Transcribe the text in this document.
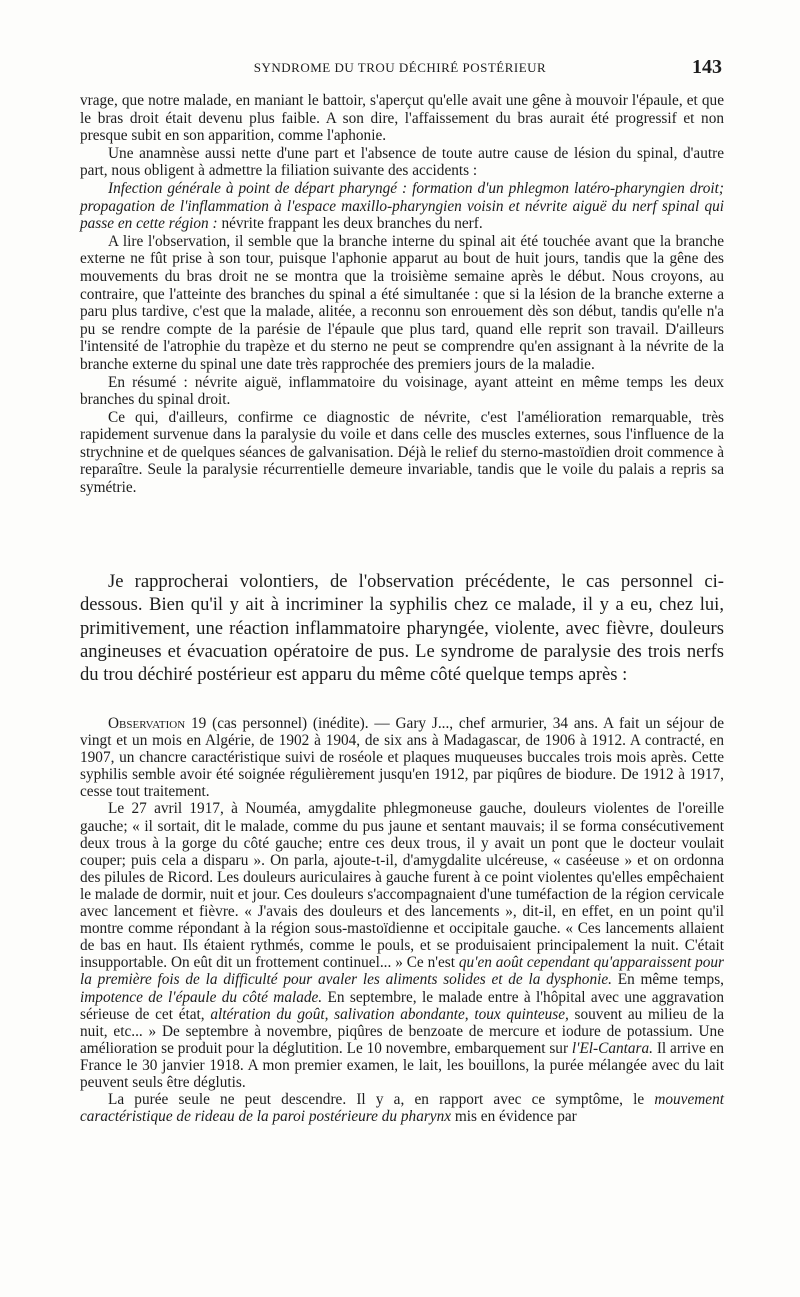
SYNDROME DU TROU DÉCHIRÉ POSTÉRIEUR	143

vrage, que notre malade, en maniant le battoir, s'aperçut qu'elle avait une gêne à mouvoir l'épaule, et que le bras droit était devenu plus faible. A son dire, l'affaissement du bras aurait été progressif et non presque subit en son apparition, comme l'aphonie.

Une anamnèse aussi nette d'une part et l'absence de toute autre cause de lésion du spinal, d'autre part, nous obligent à admettre la filiation suivante des accidents :

Infection générale à point de départ pharyngé : formation d'un phlegmon latéro-pharyngien droit; propagation de l'inflammation à l'espace maxillo-pharyngien voisin et névrite aiguë du nerf spinal qui passe en cette région : névrite frappant les deux branches du nerf.

A lire l'observation, il semble que la branche interne du spinal ait été touchée avant que la branche externe ne fût prise à son tour, puisque l'aphonie apparut au bout de huit jours, tandis que la gêne des mouvements du bras droit ne se montra que la troisième semaine après le début. Nous croyons, au contraire, que l'atteinte des branches du spinal a été simultanée : que si la lésion de la branche externe a paru plus tardive, c'est que la malade, alitée, a reconnu son enrouement dès son début, tandis qu'elle n'a pu se rendre compte de la parésie de l'épaule que plus tard, quand elle reprit son travail. D'ailleurs l'intensité de l'atrophie du trapèze et du sterno ne peut se comprendre qu'en assignant à la névrite de la branche externe du spinal une date très rapprochée des premiers jours de la maladie.

En résumé : névrite aiguë, inflammatoire du voisinage, ayant atteint en même temps les deux branches du spinal droit.

Ce qui, d'ailleurs, confirme ce diagnostic de névrite, c'est l'amélioration remarquable, très rapidement survenue dans la paralysie du voile et dans celle des muscles externes, sous l'influence de la strychnine et de quelques séances de galvanisation. Déjà le relief du sterno-mastoïdien droit commence à reparaître. Seule la paralysie récurrentielle demeure invariable, tandis que le voile du palais a repris sa symétrie.

Je rapprocherai volontiers, de l'observation précédente, le cas personnel ci-dessous. Bien qu'il y ait à incriminer la syphilis chez ce malade, il y a eu, chez lui, primitivement, une réaction inflammatoire pharyngée, violente, avec fièvre, douleurs angineuses et évacuation opératoire de pus. Le syndrome de paralysie des trois nerfs du trou déchiré postérieur est apparu du même côté quelque temps après :

Observation 19 (cas personnel) (inédite). — Gary J..., chef armurier, 34 ans. A fait un séjour de vingt et un mois en Algérie, de 1902 à 1904, de six ans à Madagascar, de 1906 à 1912. A contracté, en 1907, un chancre caractéristique suivi de roséole et plaques muqueuses buccales trois mois après. Cette syphilis semble avoir été soignée régulièrement jusqu'en 1912, par piqûres de biodure. De 1912 à 1917, cesse tout traitement.

Le 27 avril 1917, à Nouméa, amygdalite phlegmoneuse gauche, douleurs violentes de l'oreille gauche; « il sortait, dit le malade, comme du pus jaune et sentant mauvais; il se forma consécutivement deux trous à la gorge du côté gauche; entre ces deux trous, il y avait un pont que le docteur voulait couper; puis cela a disparu ». On parla, ajoute-t-il, d'amygdalite ulcéreuse, « caséeuse » et on ordonna des pilules de Ricord. Les douleurs auriculaires à gauche furent à ce point violentes qu'elles empêchaient le malade de dormir, nuit et jour. Ces douleurs s'accompagnaient d'une tuméfaction de la région cervicale avec lancement et fièvre. « J'avais des douleurs et des lancements », dit-il, en effet, en un point qu'il montre comme répondant à la région sous-mastoïdienne et occipitale gauche. « Ces lancements allaient de bas en haut. Ils étaient rythmés, comme le pouls, et se produisaient principalement la nuit. C'était insupportable. On eût dit un frottement continuel... » Ce n'est qu'en août cependant qu'apparaissent pour la première fois de la difficulté pour avaler les aliments solides et de la dysphonie. En même temps, impotence de l'épaule du côté malade. En septembre, le malade entre à l'hôpital avec une aggravation sérieuse de cet état, altération du goût, salivation abondante, toux quinteuse, souvent au milieu de la nuit, etc... » De septembre à novembre, piqûres de benzoate de mercure et iodure de potassium. Une amélioration se produit pour la déglutition. Le 10 novembre, embarquement sur l'El-Cantara. Il arrive en France le 30 janvier 1918. A mon premier examen, le lait, les bouillons, la purée mélangée avec du lait peuvent seuls être déglutis.

La purée seule ne peut descendre. Il y a, en rapport avec ce symptôme, le mouvement caractéristique de rideau de la paroi postérieure du pharynx mis en évidence par
